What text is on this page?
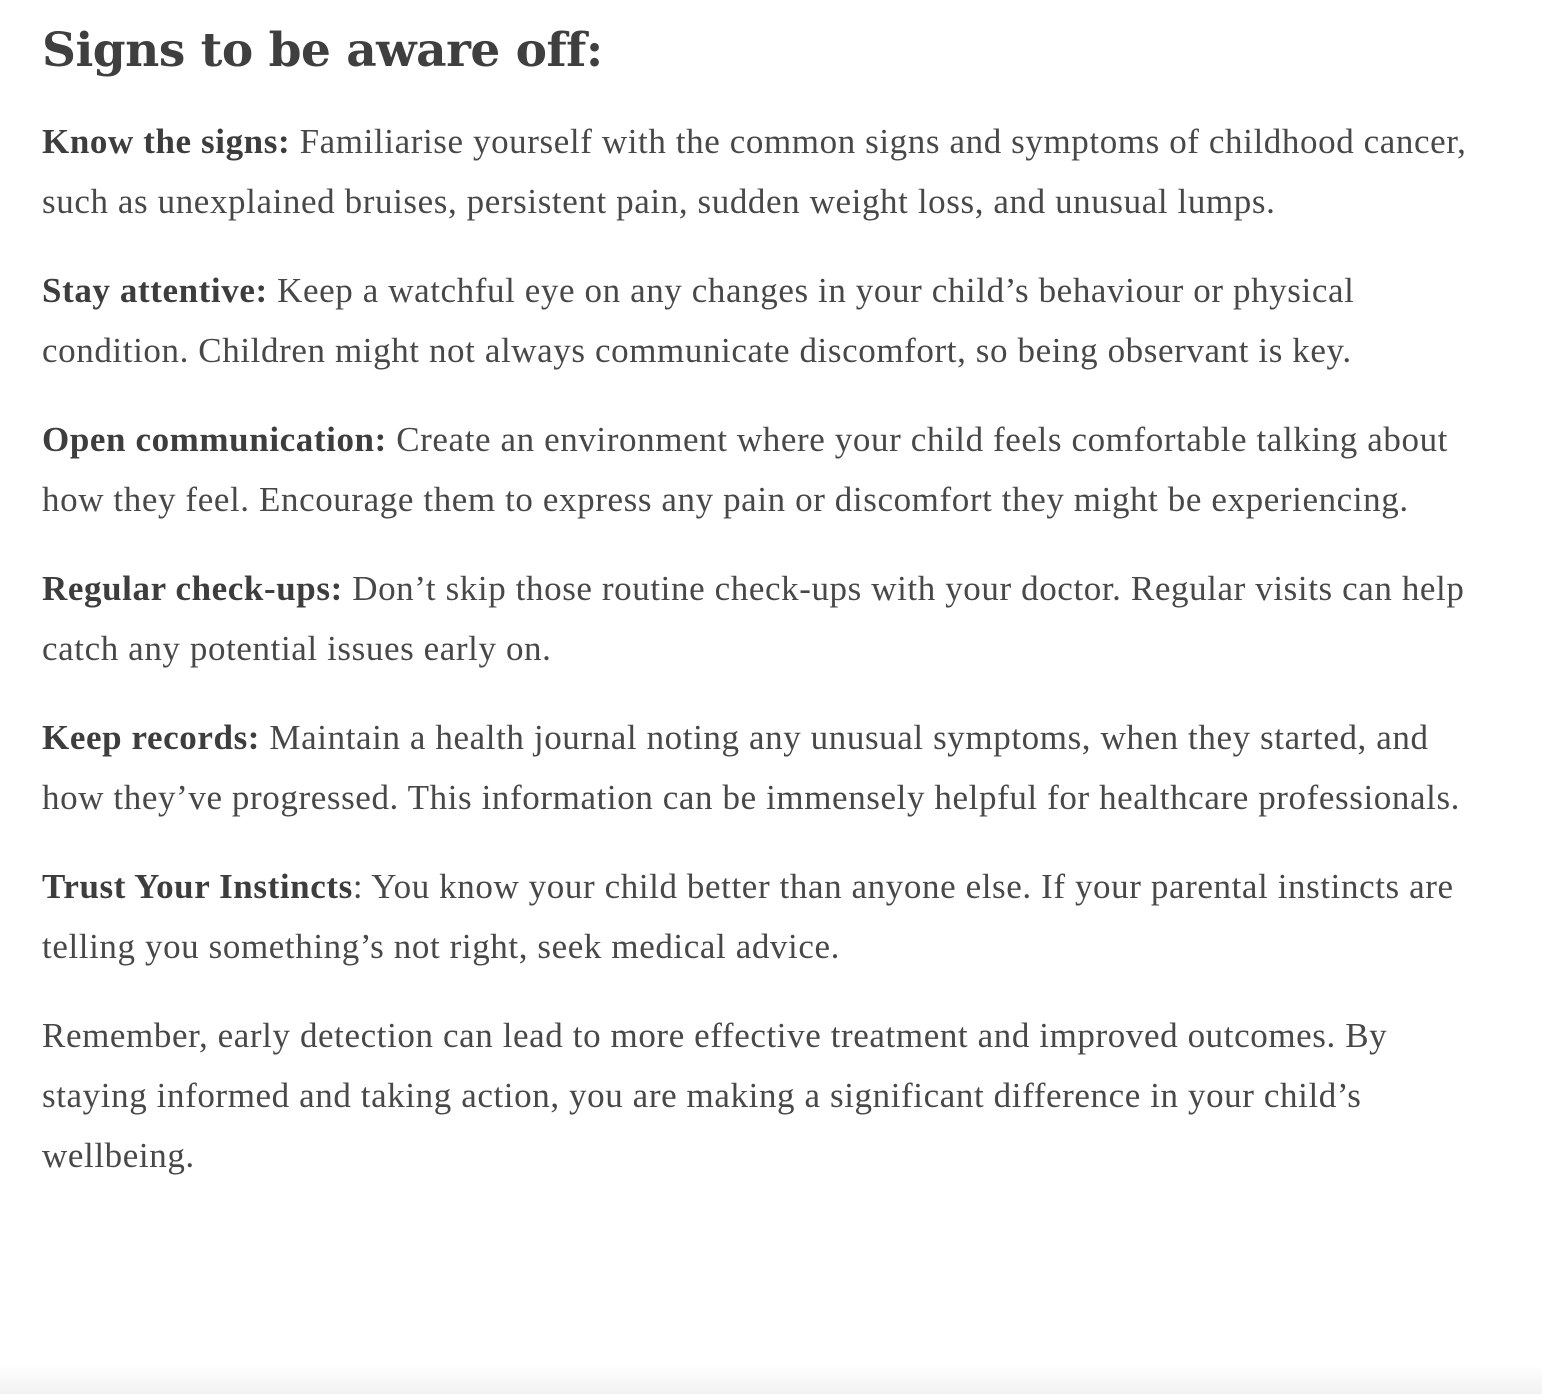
Signs to be aware off:

Know the signs: Familiarise yourself with the common signs and symptoms of childhood cancer, such as unexplained bruises, persistent pain, sudden weight loss, and unusual lumps.

Stay attentive: Keep a watchful eye on any changes in your child’s behaviour or physical condition. Children might not always communicate discomfort, so being observant is key.

Open communication: Create an environment where your child feels comfortable talking about how they feel. Encourage them to express any pain or discomfort they might be experiencing.

Regular check-ups: Don’t skip those routine check-ups with your doctor. Regular visits can help catch any potential issues early on.

Keep records: Maintain a health journal noting any unusual symptoms, when they started, and how they’ve progressed. This information can be immensely helpful for healthcare professionals.

Trust Your Instincts: You know your child better than anyone else. If your parental instincts are telling you something’s not right, seek medical advice.

Remember, early detection can lead to more effective treatment and improved outcomes. By staying informed and taking action, you are making a significant difference in your child’s wellbeing.
